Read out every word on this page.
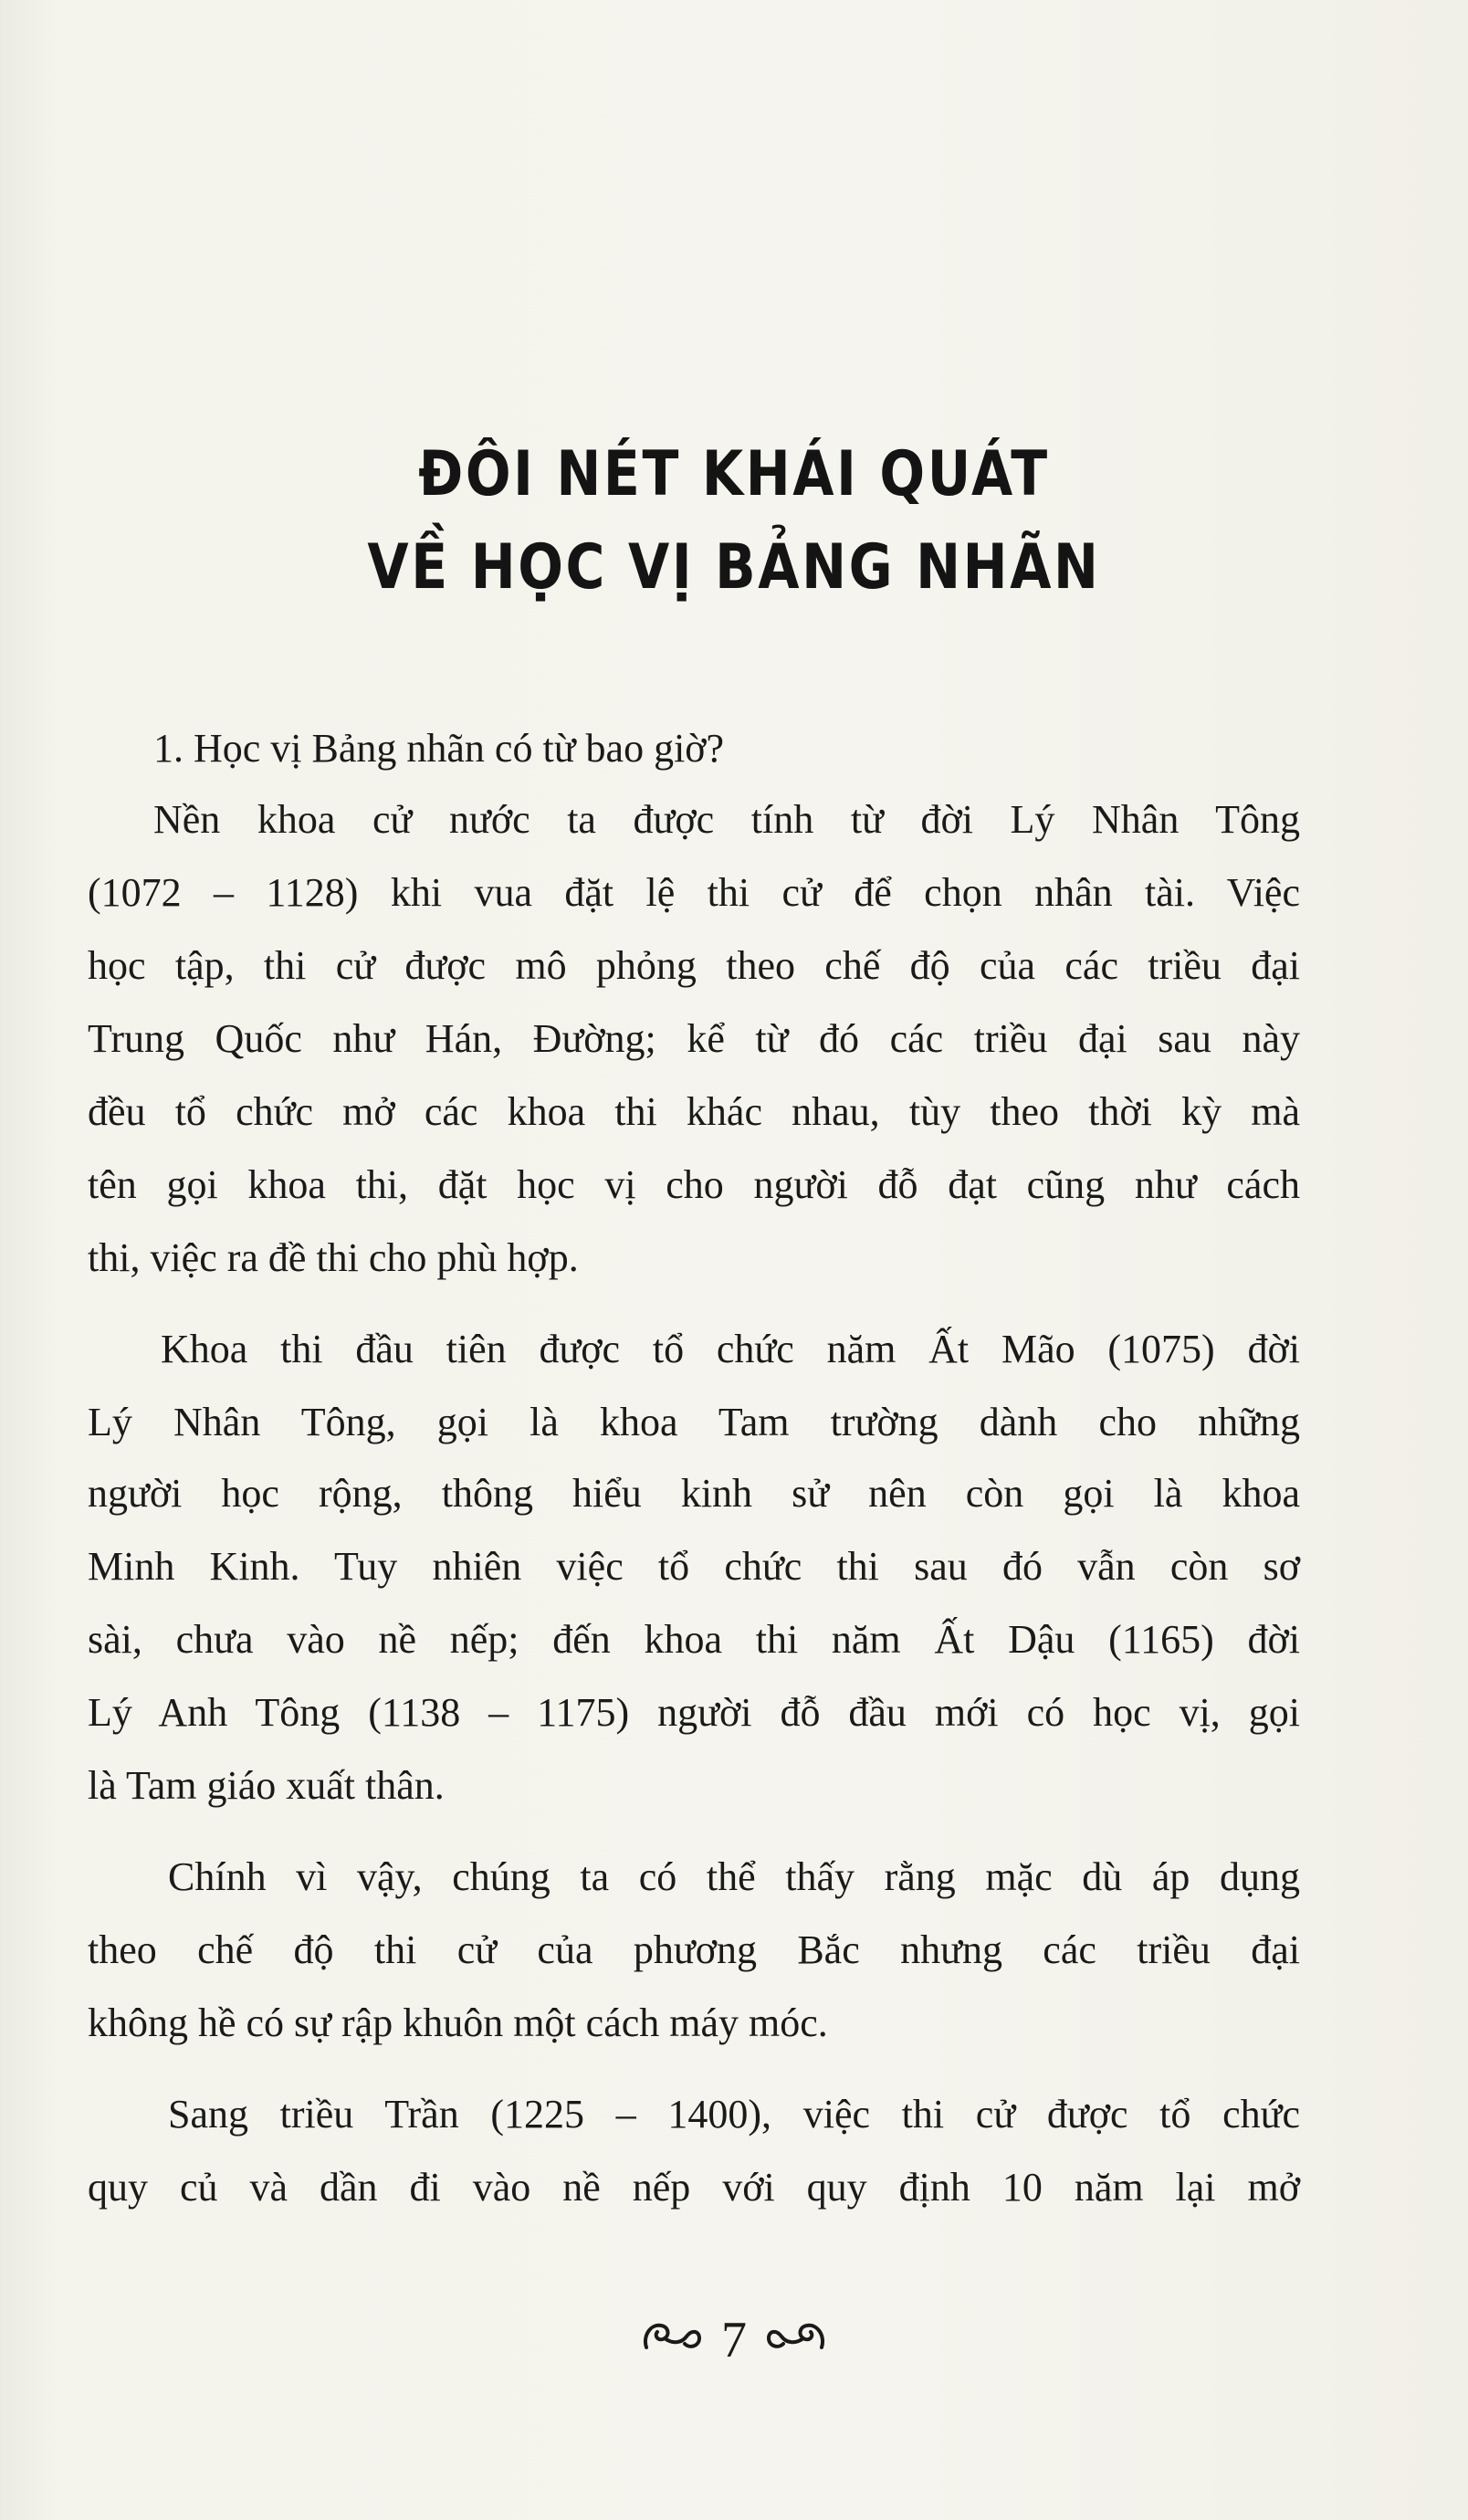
ĐÔI NÉT KHÁI QUÁT
VỀ HỌC VỊ BẢNG NHÃN
1. Học vị Bảng nhãn có từ bao giờ?
Nền khoa cử nước ta được tính từ đời Lý Nhân Tông
(1072 – 1128) khi vua đặt lệ thi cử để chọn nhân tài. Việc
học tập, thi cử được mô phỏng theo chế độ của các triều đại
Trung Quốc như Hán, Đường; kể từ đó các triều đại sau này
đều tổ chức mở các khoa thi khác nhau, tùy theo thời kỳ mà
tên gọi khoa thi, đặt học vị cho người đỗ đạt cũng như cách
thi, việc ra đề thi cho phù hợp.
Khoa thi đầu tiên được tổ chức năm Ất Mão (1075) đời
Lý Nhân Tông, gọi là khoa Tam trường dành cho những
người học rộng, thông hiểu kinh sử nên còn gọi là khoa
Minh Kinh. Tuy nhiên việc tổ chức thi sau đó vẫn còn sơ
sài, chưa vào nề nếp; đến khoa thi năm Ất Dậu (1165) đời
Lý Anh Tông (1138 – 1175) người đỗ đầu mới có học vị, gọi
là Tam giáo xuất thân.
Chính vì vậy, chúng ta có thể thấy rằng mặc dù áp dụng
theo chế độ thi cử của phương Bắc nhưng các triều đại
không hề có sự rập khuôn một cách máy móc.
Sang triều Trần (1225 – 1400), việc thi cử được tổ chức
quy củ và dần đi vào nề nếp với quy định 10 năm lại mở
7
